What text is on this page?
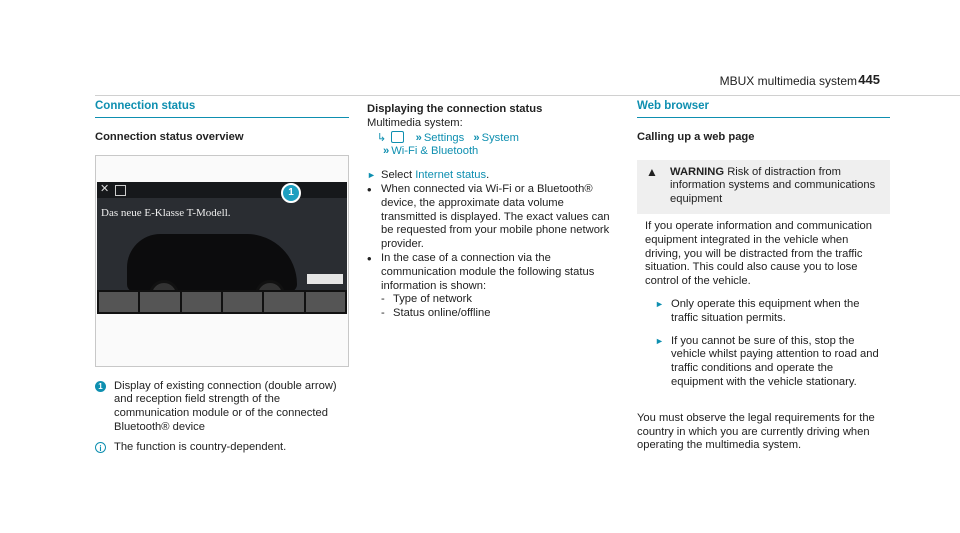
MBUX multimedia system 445
Connection status
Connection status overview
✕
Das neue E-Klasse T-Modell.
1
1 Display of existing connection (double arrow) and reception field strength of the communication module or of the connected Bluetooth® device
i	The function is country-dependent.
Displaying the connection status
Multimedia system:
↳	» Settings » System
» Wi-Fi & Bluetooth
► Select Internet status.
• When connected via Wi-Fi or a Bluetooth® device, the approximate data volume transmitted is displayed. The exact values can be requested from your mobile phone network provider.
• In the case of a connection via the communication module the following status information is shown:
- Type of network
- Status online/offline
Web browser
Calling up a web page
▲	WARNING Risk of distraction from information systems and communications equipment
If you operate information and communication equipment integrated in the vehicle when driving, you will be distracted from the traffic situation. This could also cause you to lose control of the vehicle.
► Only operate this equipment when the traffic situation permits.
► If you cannot be sure of this, stop the vehicle whilst paying attention to road and traffic conditions and operate the equipment with the vehicle stationary.
You must observe the legal requirements for the country in which you are currently driving when operating the multimedia system.
